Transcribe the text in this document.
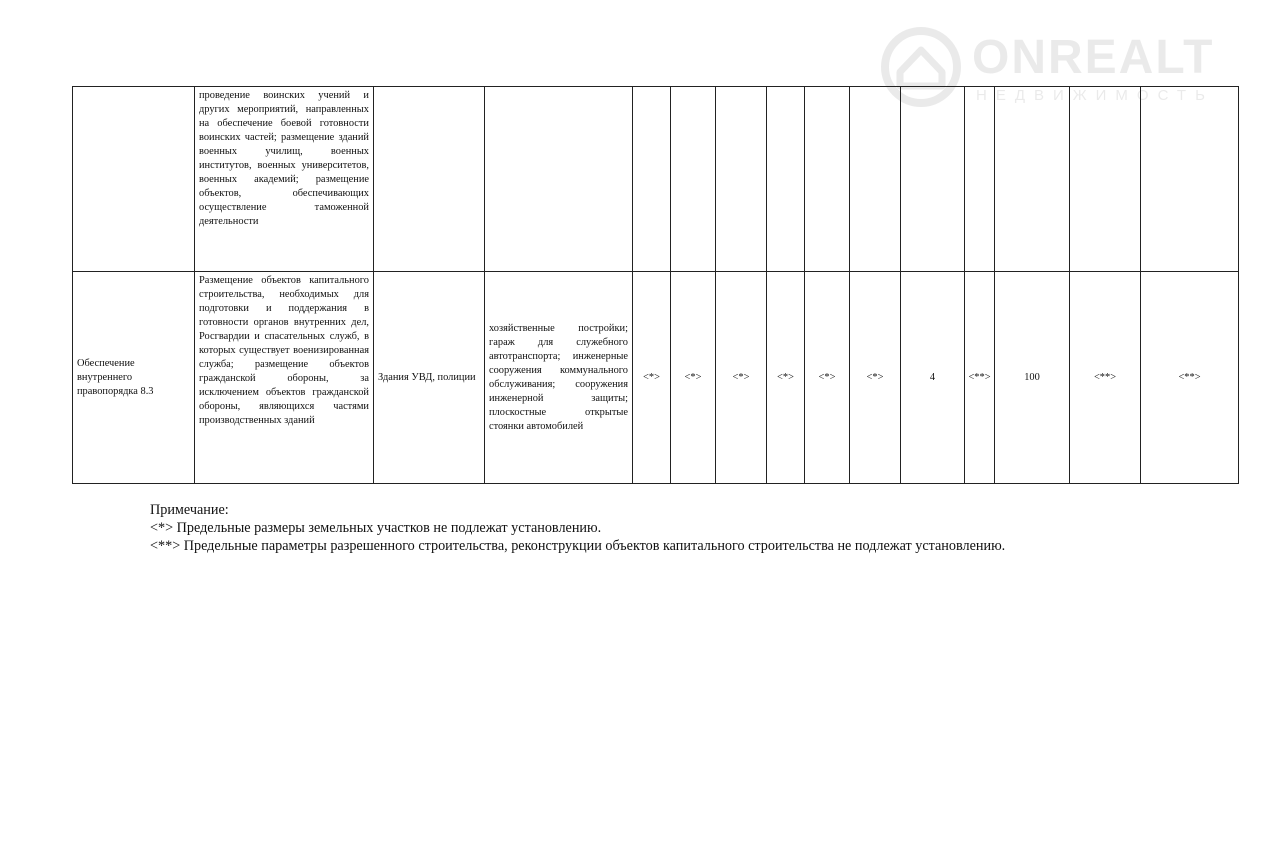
ONREALT
НЕДВИЖИМОСТЬ
	проведение воинских учений и других мероприятий, направленных на обеспечение боевой готовности воинских частей; размещение зданий военных училищ, военных институтов, военных университетов, военных академий; размещение объектов, обеспечивающих осуществление таможенной деятельности													
Обеспечение внутреннего правопорядка 8.3	Размещение объектов капитального строительства, необходимых для подготовки и поддержания в готовности органов внутренних дел, Росгвардии и спасательных служб, в которых существует военизированная служба; размещение объектов гражданской обороны, за исключением объектов гражданской обороны, являющихся частями производственных зданий	Здания УВД, полиции	хозяйственные постройки; гараж для служебного автотранспорта; инженерные сооружения коммунального обслуживания; сооружения инженерной защиты; плоскостные открытые стоянки автомобилей	<*>	<*>	<*>	<*>	<*>	<*>	4	<**>	100	<**>	<**>
Примечание:
<*> Предельные размеры земельных участков не подлежат установлению.
<**> Предельные параметры разрешенного строительства, реконструкции объектов капитального строительства не подлежат установлению.
